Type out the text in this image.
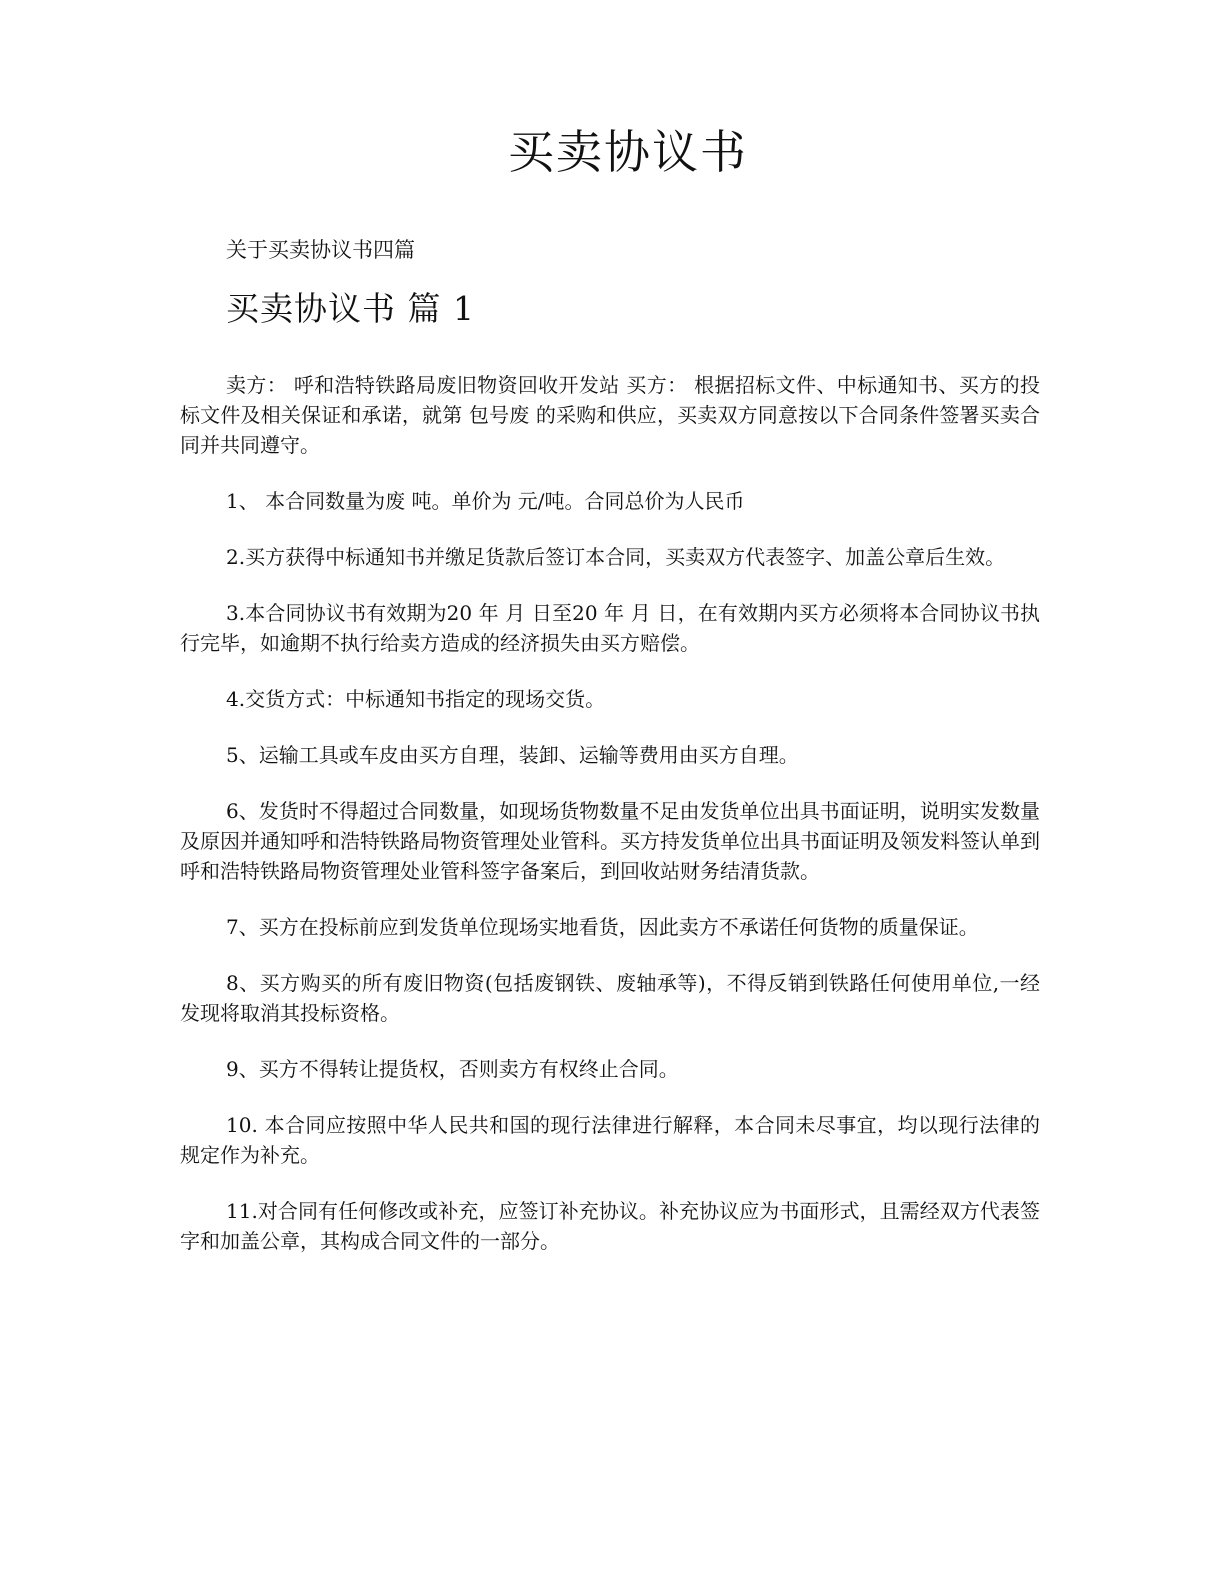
买卖协议书

关于买卖协议书四篇

买卖协议书 篇 1

卖方： 呼和浩特铁路局废旧物资回收开发站 买方： 根据招标文件、中标通知书、买方的投标文件及相关保证和承诺，就第 包号废 的采购和供应，买卖双方同意按以下合同条件签署买卖合同并共同遵守。

1、 本合同数量为废 吨。单价为 元/吨。合同总价为人民币

2.买方获得中标通知书并缴足货款后签订本合同，买卖双方代表签字、加盖公章后生效。

3.本合同协议书有效期为20 年 月 日至20 年 月 日，在有效期内买方必须将本合同协议书执行完毕，如逾期不执行给卖方造成的经济损失由买方赔偿。

4.交货方式：中标通知书指定的现场交货。

5、运输工具或车皮由买方自理，装卸、运输等费用由买方自理。

6、发货时不得超过合同数量，如现场货物数量不足由发货单位出具书面证明，说明实发数量及原因并通知呼和浩特铁路局物资管理处业管科。买方持发货单位出具书面证明及领发料签认单到呼和浩特铁路局物资管理处业管科签字备案后，到回收站财务结清货款。

7、买方在投标前应到发货单位现场实地看货，因此卖方不承诺任何货物的质量保证。

8、买方购买的所有废旧物资(包括废钢铁、废轴承等)，不得反销到铁路任何使用单位,一经发现将取消其投标资格。

9、买方不得转让提货权，否则卖方有权终止合同。

10. 本合同应按照中华人民共和国的现行法律进行解释，本合同未尽事宜，均以现行法律的规定作为补充。

11.对合同有任何修改或补充，应签订补充协议。补充协议应为书面形式，且需经双方代表签字和加盖公章，其构成合同文件的一部分。
